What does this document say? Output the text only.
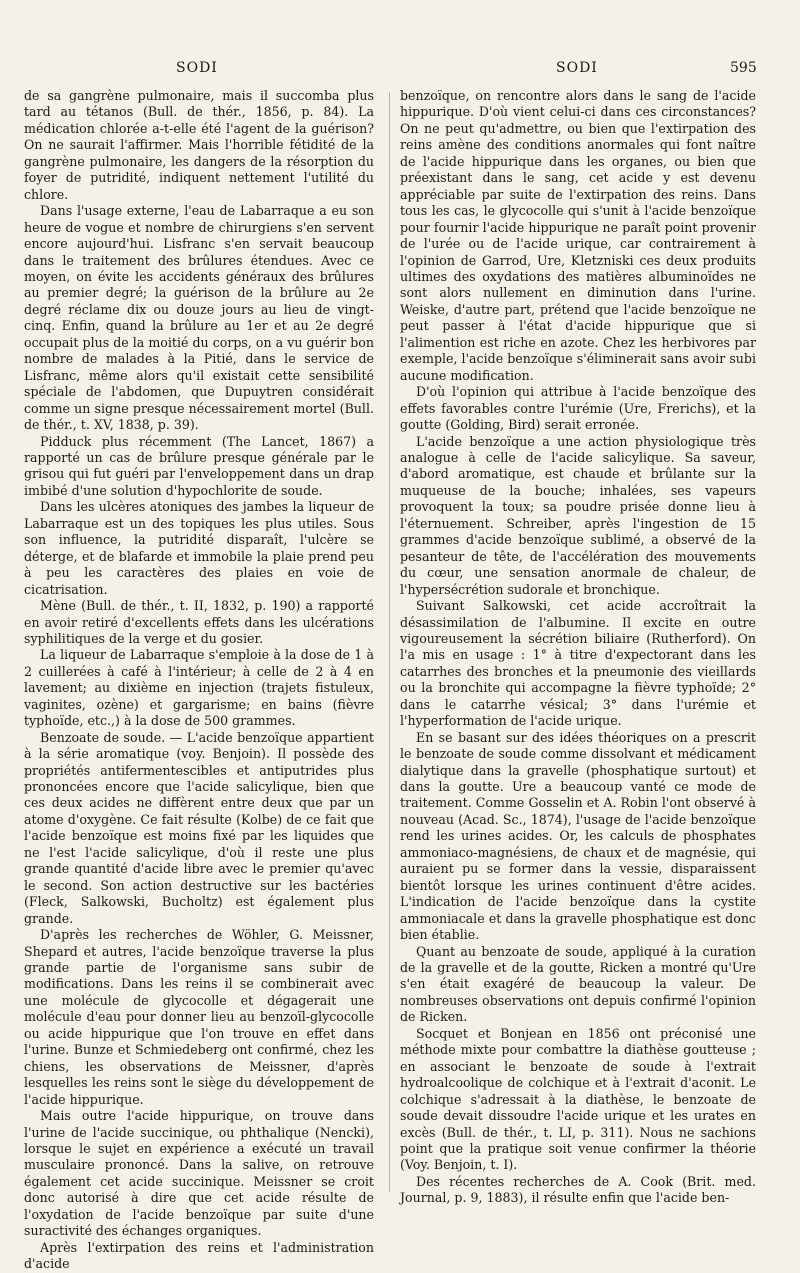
SODI	SODI	595

de sa gangrène pulmonaire, mais il succomba plus tard au tétanos (Bull. de thér., 1856, p. 84). La médication chlorée a-t-elle été l'agent de la guérison? On ne saurait l'affirmer. Mais l'horrible fétidité de la gangrène pulmonaire, les dangers de la résorption du foyer de putridité, indiquent nettement l'utilité du chlore.

Dans l'usage externe, l'eau de Labarraque a eu son heure de vogue et nombre de chirurgiens s'en servent encore aujourd'hui. Lisfranc s'en servait beaucoup dans le traitement des brûlures étendues. Avec ce moyen, on évite les accidents généraux des brûlures au premier degré; la guérison de la brûlure au 2e degré réclame dix ou douze jours au lieu de vingt-cinq. Enfin, quand la brûlure au 1er et au 2e degré occupait plus de la moitié du corps, on a vu guérir bon nombre de malades à la Pitié, dans le service de Lisfranc, même alors qu'il existait cette sensibilité spéciale de l'abdomen, que Dupuytren considérait comme un signe presque nécessairement mortel (Bull. de thér., t. XV, 1838, p. 39).

Pidduck plus récemment (The Lancet, 1867) a rapporté un cas de brûlure presque générale par le grisou qui fut guéri par l'enveloppement dans un drap imbibé d'une solution d'hypochlorite de soude.

Dans les ulcères atoniques des jambes la liqueur de Labarraque est un des topiques les plus utiles. Sous son influence, la putridité disparaît, l'ulcère se déterge, et de blafarde et immobile la plaie prend peu à peu les caractères des plaies en voie de cicatrisation.

Mène (Bull. de thér., t. II, 1832, p. 190) a rapporté en avoir retiré d'excellents effets dans les ulcérations syphilitiques de la verge et du gosier.

La liqueur de Labarraque s'emploie à la dose de 1 à 2 cuillerées à café à l'intérieur; à celle de 2 à 4 en lavement; au dixième en injection (trajets fistuleux, vaginites, ozène) et gargarisme; en bains (fièvre typhoïde, etc.,) à la dose de 500 grammes.

Benzoate de soude. — L'acide benzoïque appartient à la série aromatique (voy. Benjoin). Il possède des propriétés antifermentescibles et antiputrides plus prononcées encore que l'acide salicylique, bien que ces deux acides ne diffèrent entre deux que par un atome d'oxygène. Ce fait résulte (Kolbe) de ce fait que l'acide benzoïque est moins fixé par les liquides que ne l'est l'acide salicylique, d'où il reste une plus grande quantité d'acide libre avec le premier qu'avec le second. Son action destructive sur les bactéries (Fleck, Salkowski, Bucholtz) est également plus grande.

D'après les recherches de Wöhler, G. Meissner, Shepard et autres, l'acide benzoïque traverse la plus grande partie de l'organisme sans subir de modifications. Dans les reins il se combinerait avec une molécule de glycocolle et dégagerait une molécule d'eau pour donner lieu au benzoïl-glycocolle ou acide hippurique que l'on trouve en effet dans l'urine. Bunze et Schmiedeberg ont confirmé, chez les chiens, les observations de Meissner, d'après lesquelles les reins sont le siège du développement de l'acide hippurique.

Mais outre l'acide hippurique, on trouve dans l'urine de l'acide succinique, ou phthalique (Nencki), lorsque le sujet en expérience a exécuté un travail musculaire prononcé. Dans la salive, on retrouve également cet acide succinique. Meissner se croit donc autorisé à dire que cet acide résulte de l'oxydation de l'acide benzoïque par suite d'une suractivité des échanges organiques.

Après l'extirpation des reins et l'administration d'acide

benzoïque, on rencontre alors dans le sang de l'acide hippurique. D'où vient celui-ci dans ces circonstances? On ne peut qu'admettre, ou bien que l'extirpation des reins amène des conditions anormales qui font naître de l'acide hippurique dans les organes, ou bien que préexistant dans le sang, cet acide y est devenu appréciable par suite de l'extirpation des reins. Dans tous les cas, le glycocolle qui s'unit à l'acide benzoïque pour fournir l'acide hippurique ne paraît point provenir de l'urée ou de l'acide urique, car contrairement à l'opinion de Garrod, Ure, Kletzniski ces deux produits ultimes des oxydations des matières albuminoïdes ne sont alors nullement en diminution dans l'urine. Weiske, d'autre part, prétend que l'acide benzoïque ne peut passer à l'état d'acide hippurique que si l'alimention est riche en azote. Chez les herbivores par exemple, l'acide benzoïque s'éliminerait sans avoir subi aucune modification.

D'où l'opinion qui attribue à l'acide benzoïque des effets favorables contre l'urémie (Ure, Frerichs), et la goutte (Golding, Bird) serait erronée.

L'acide benzoïque a une action physiologique très analogue à celle de l'acide salicylique. Sa saveur, d'abord aromatique, est chaude et brûlante sur la muqueuse de la bouche; inhalées, ses vapeurs provoquent la toux; sa poudre prisée donne lieu à l'éternuement. Schreiber, après l'ingestion de 15 grammes d'acide benzoïque sublimé, a observé de la pesanteur de tête, de l'accélération des mouvements du cœur, une sensation anormale de chaleur, de l'hypersécrétion sudorale et bronchique.

Suivant Salkowski, cet acide accroîtrait la désassimilation de l'albumine. Il excite en outre vigoureusement la sécrétion biliaire (Rutherford). On l'a mis en usage : 1° à titre d'expectorant dans les catarrhes des bronches et la pneumonie des vieillards ou la bronchite qui accompagne la fièvre typhoïde; 2° dans le catarrhe vésical; 3° dans l'urémie et l'hyperformation de l'acide urique.

En se basant sur des idées théoriques on a prescrit le benzoate de soude comme dissolvant et médicament dialytique dans la gravelle (phosphatique surtout) et dans la goutte. Ure a beaucoup vanté ce mode de traitement. Comme Gosselin et A. Robin l'ont observé à nouveau (Acad. Sc., 1874), l'usage de l'acide benzoïque rend les urines acides. Or, les calculs de phosphates ammoniaco-magnésiens, de chaux et de magnésie, qui auraient pu se former dans la vessie, disparaissent bientôt lorsque les urines continuent d'être acides. L'indication de l'acide benzoïque dans la cystite ammoniacale et dans la gravelle phosphatique est donc bien établie.

Quant au benzoate de soude, appliqué à la curation de la gravelle et de la goutte, Ricken a montré qu'Ure s'en était exagéré de beaucoup la valeur. De nombreuses observations ont depuis confirmé l'opinion de Ricken.

Socquet et Bonjean en 1856 ont préconisé une méthode mixte pour combattre la diathèse goutteuse ; en associant le benzoate de soude à l'extrait hydroalcoolique de colchique et à l'extrait d'aconit. Le colchique s'adressait à la diathèse, le benzoate de soude devait dissoudre l'acide urique et les urates en excès (Bull. de thér., t. LI, p. 311). Nous ne sachions point que la pratique soit venue confirmer la théorie (Voy. Benjoin, t. I).

Des récentes recherches de A. Cook (Brit. med. Journal, p. 9, 1883), il résulte enfin que l'acide ben-
